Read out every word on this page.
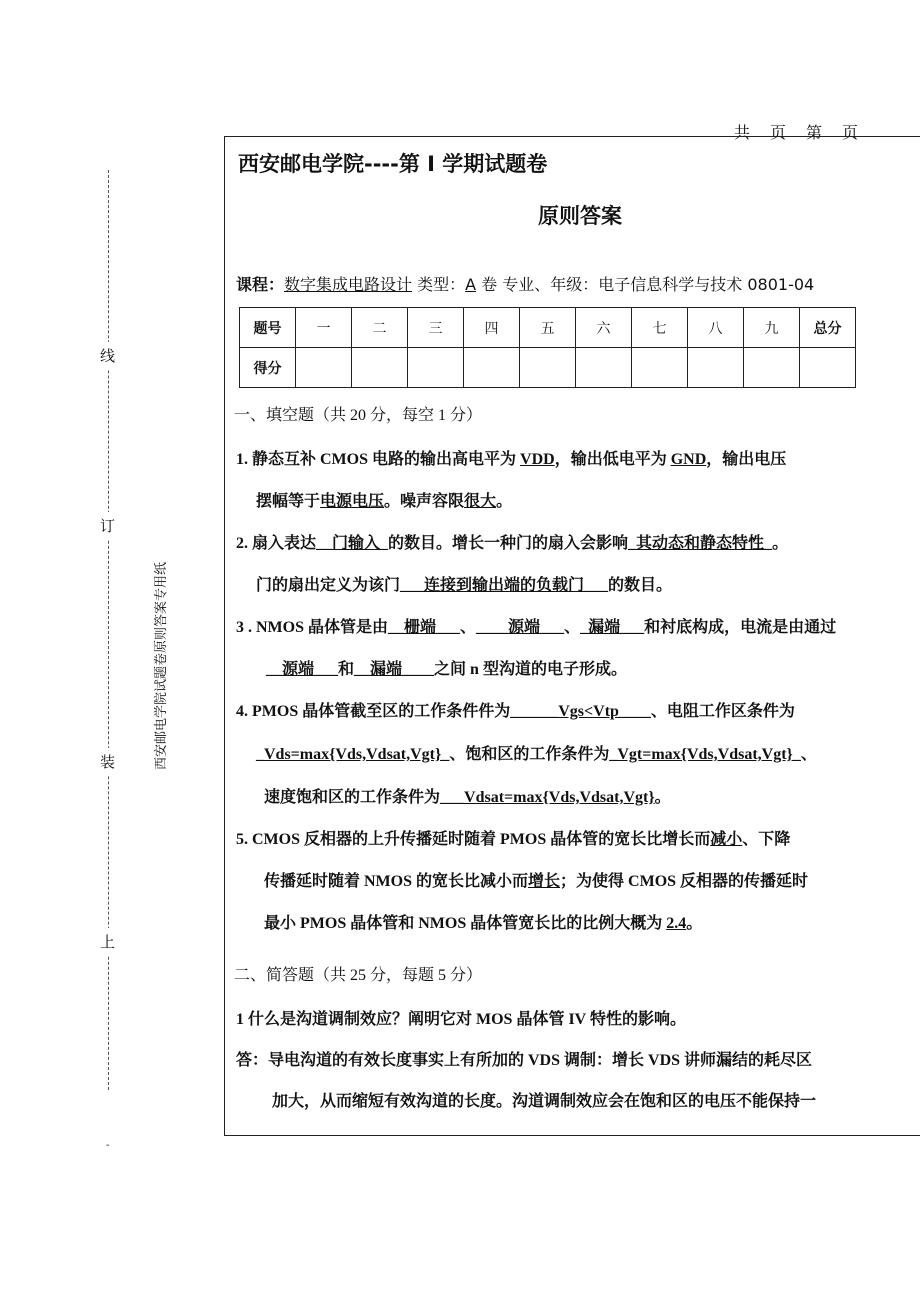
共 页 第 页
线
订
装
上
西安邮电学院试题卷原则答案专用纸
-
西安邮电学院----第 Ⅰ 学期试题卷
原则答案
课程：数字集成电路设计 类型：A 卷 专业、年级：电子信息科学与技术 0801-04
题号	一	二	三	四	五	六	七	八	九	总分
得分										
一、填空题（共 20 分，每空 1 分）
1. 静态互补 CMOS 电路的输出高电平为 VDD，输出低电平为 GND，输出电压
摆幅等于电源电压。噪声容限很大。
2. 扇入表达__门输入_的数目。增长一种门的扇入会影响_其动态和静态特性_。
门的扇出定义为该门___连接到输出端的负载门___的数目。
3 . NMOS 晶体管是由__栅端___、____源端___、_漏端___和衬底构成，电流是由通过
__源端___和__漏端____之间 n 型沟道的电子形成。
4. PMOS 晶体管截至区的工作条件件为______Vgs<Vtp____、电阻工作区条件为
_Vds=max{Vds,Vdsat,Vgt}_、饱和区的工作条件为_Vgt=max{Vds,Vdsat,Vgt}_、
速度饱和区的工作条件为___Vdsat=max{Vds,Vdsat,Vgt}。
5. CMOS 反相器的上升传播延时随着 PMOS 晶体管的宽长比增长而减小、下降
传播延时随着 NMOS 的宽长比减小而增长；为使得 CMOS 反相器的传播延时
最小 PMOS 晶体管和 NMOS 晶体管宽长比的比例大概为 2.4。
二、简答题（共 25 分，每题 5 分）
1 什么是沟道调制效应？阐明它对 MOS 晶体管 IV 特性的影响。
答：导电沟道的有效长度事实上有所加的 VDS 调制：增长 VDS 讲师漏结的耗尽区
加大，从而缩短有效沟道的长度。沟道调制效应会在饱和区的电压不能保持一
